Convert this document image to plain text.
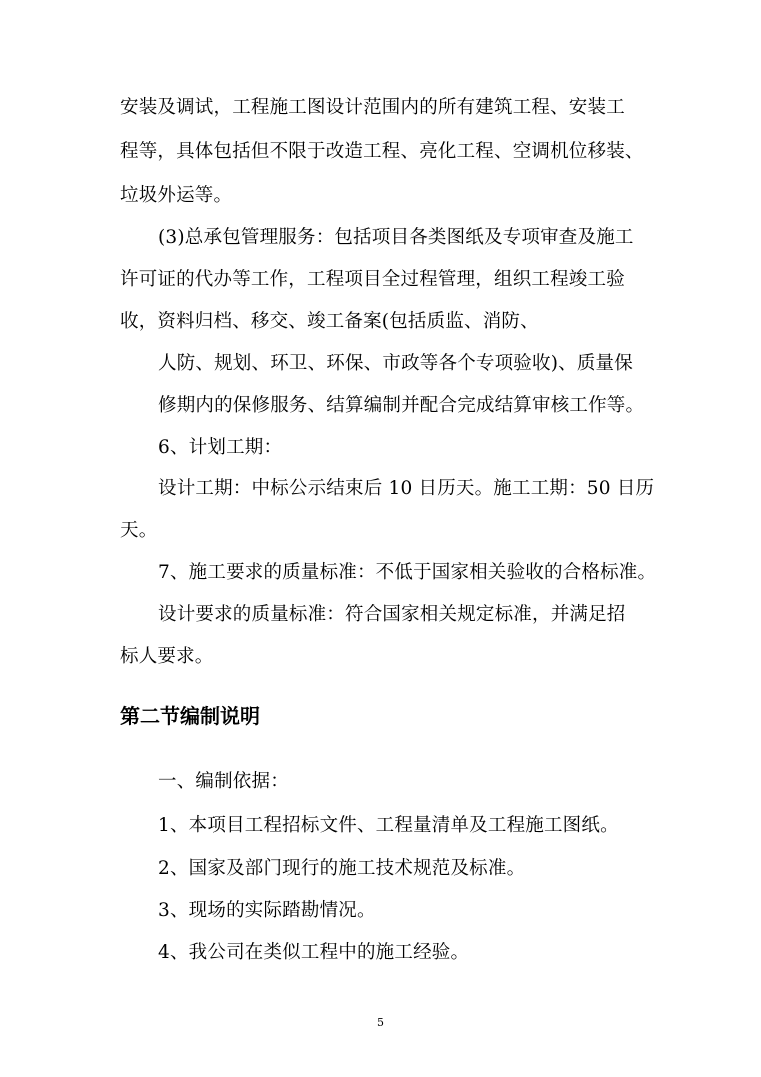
安装及调试，工程施工图设计范围内的所有建筑工程、安装工
程等，具体包括但不限于改造工程、亮化工程、空调机位移装、
垃圾外运等。
(3)总承包管理服务：包括项目各类图纸及专项审查及施工
许可证的代办等工作，工程项目全过程管理，组织工程竣工验
收，资料归档、移交、竣工备案(包括质监、消防、
人防、规划、环卫、环保、市政等各个专项验收)、质量保
修期内的保修服务、结算编制并配合完成结算审核工作等。
6、计划工期：
设计工期：中标公示结束后 10 日历天。施工工期：50 日历
天。
7、施工要求的质量标准：不低于国家相关验收的合格标准。
设计要求的质量标准：符合国家相关规定标准，并满足招
标人要求。
第二节编制说明
一、编制依据：
1、本项目工程招标文件、工程量清单及工程施工图纸。
2、国家及部门现行的施工技术规范及标准。
3、现场的实际踏勘情况。
4、我公司在类似工程中的施工经验。
5
